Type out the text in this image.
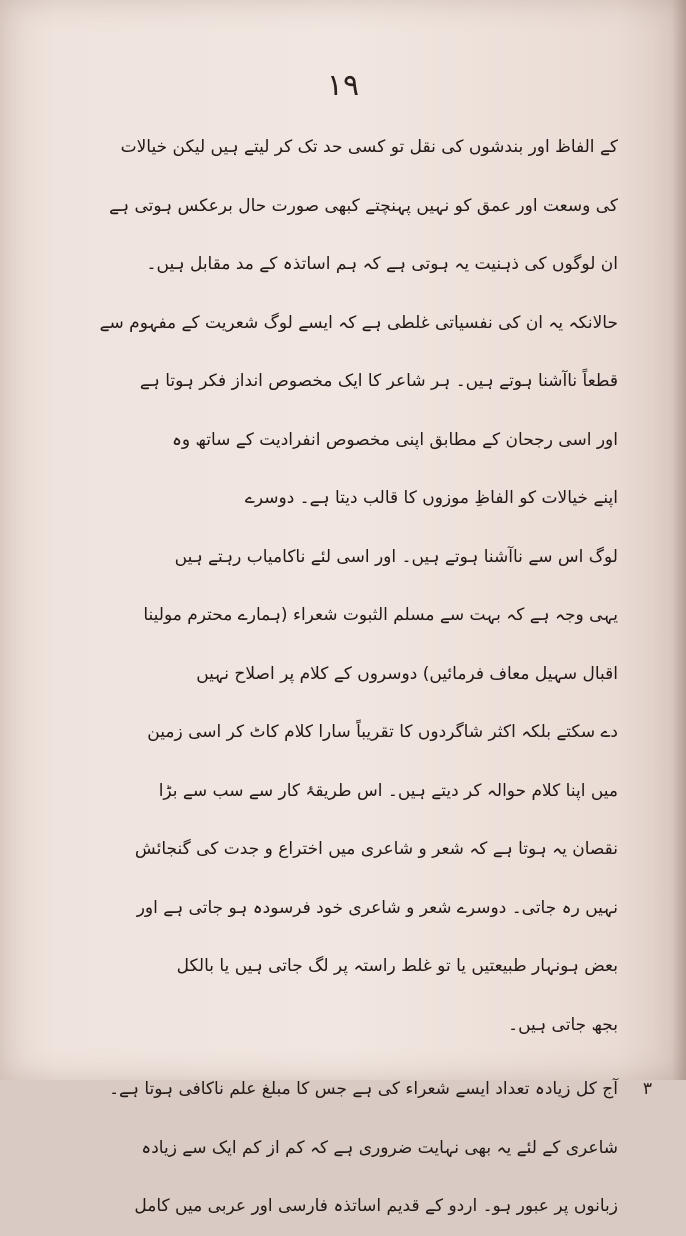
۱۹
کے الفاظ اور بندشوں کی نقل تو کسی حد تک کر لیتے ہیں لیکن خیالات
کی وسعت اور عمق کو نہیں پہنچتے کبھی صورت حال برعکس ہوتی ہے
ان لوگوں کی ذہنیت یہ ہوتی ہے کہ ہم اساتذہ کے مد مقابل ہیں۔
حالانکہ یہ ان کی نفسیاتی غلطی ہے کہ ایسے لوگ شعریت کے مفہوم سے
قطعاً ناآشنا ہوتے ہیں۔ ہر شاعر کا ایک مخصوص انداز فکر ہوتا ہے
اور اسی رجحان کے مطابق اپنی مخصوص انفرادیت کے ساتھ وہ
اپنے خیالات کو الفاظِ موزوں کا قالب دیتا ہے۔ دوسرے
لوگ اس سے ناآشنا ہوتے ہیں۔ اور اسی لئے ناکامیاب رہتے ہیں
یہی وجہ ہے کہ بہت سے مسلم الثبوت شعراء (ہمارے محترم مولینا
اقبال سہیل معاف فرمائیں) دوسروں کے کلام پر اصلاح نہیں
دے سکتے بلکہ اکثر شاگردوں کا تقریباً سارا کلام کاٹ کر اسی زمین
میں اپنا کلام حوالہ کر دیتے ہیں۔ اس طریقۂ کار سے سب سے بڑا
نقصان یہ ہوتا ہے کہ شعر و شاعری میں اختراع و جدت کی گنجائش
نہیں رہ جاتی۔ دوسرے شعر و شاعری خود فرسودہ ہو جاتی ہے اور
بعض ہونہار طبیعتیں یا تو غلط راستہ پر لگ جاتی ہیں یا بالکل
بجھ جاتی ہیں۔
۳
آج کل زیادہ تعداد ایسے شعراء کی ہے جس کا مبلغ علم ناکافی ہوتا ہے۔
شاعری کے لئے یہ بھی نہایت ضروری ہے کہ کم از کم ایک سے زیادہ
زبانوں پر عبور ہو۔ اردو کے قدیم اساتذہ فارسی اور عربی میں کامل
